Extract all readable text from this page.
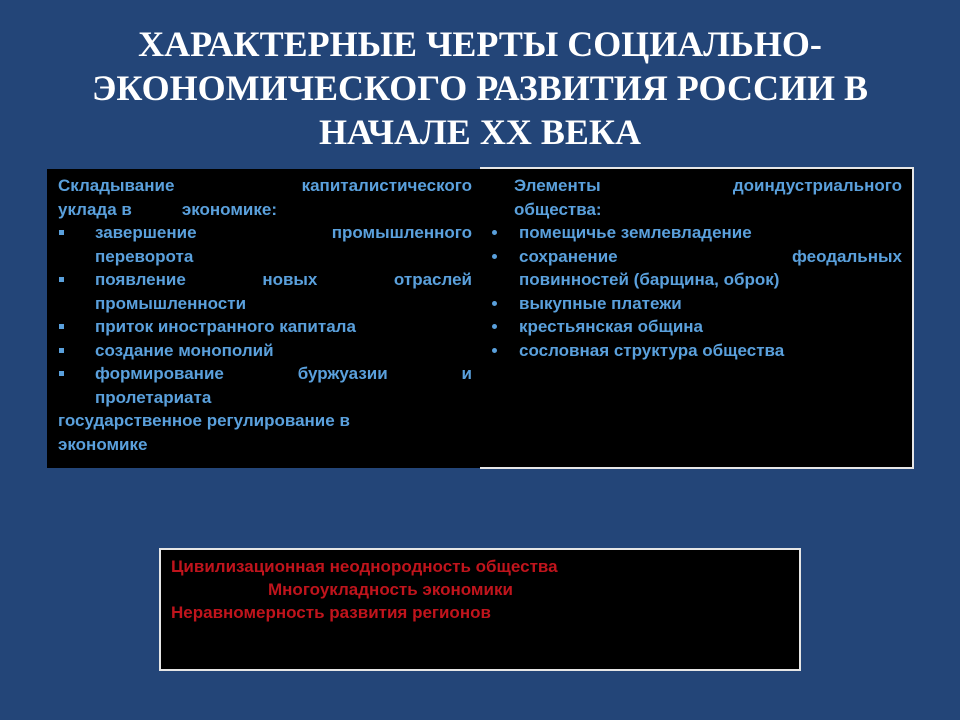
ХАРАКТЕРНЫЕ ЧЕРТЫ СОЦИАЛЬНО-
ЭКОНОМИЧЕСКОГО РАЗВИТИЯ РОССИИ В
НАЧАЛЕ XX ВЕКА

Складывание капиталистического
уклада в	экономике:

завершение промышленного
переворота
появление новых отраслей
промышленности
приток иностранного капитала
создание монополий
формирование буржуазии и
пролетариата

государственное регулирование в
экономике

Элементы доиндустриального
общества:

помещичье землевладение
сохранение феодальных
повинностей (барщина, оброк)
выкупные платежи
крестьянская община
сословная структура общества

Цивилизационная неоднородность общества

Многоукладность экономики

Неравномерность развития регионов
